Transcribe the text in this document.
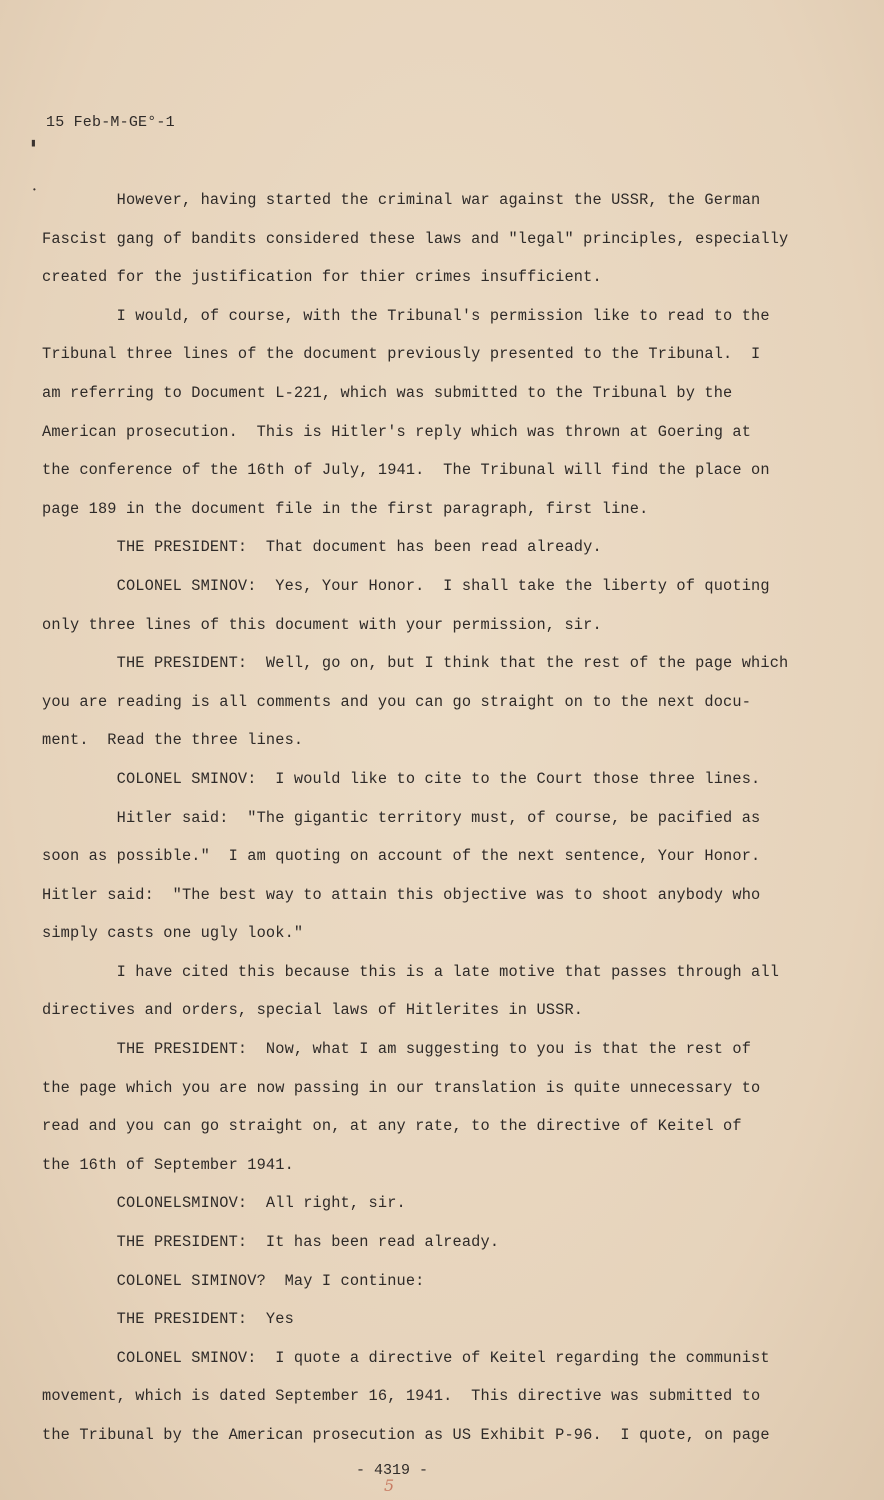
15 Feb-M-GE°-1
▮
•
However, having started the criminal war against the USSR, the German
Fascist gang of bandits considered these laws and "legal" principles, especially
created for the justification for thier crimes insufficient.
I would, of course, with the Tribunal's permission like to read to the
Tribunal three lines of the document previously presented to the Tribunal.  I
am referring to Document L-221, which was submitted to the Tribunal by the
American prosecution.  This is Hitler's reply which was thrown at Goering at
the conference of the 16th of July, 1941.  The Tribunal will find the place on
page 189 in the document file in the first paragraph, first line.
THE PRESIDENT:  That document has been read already.
COLONEL SMINOV:  Yes, Your Honor.  I shall take the liberty of quoting
only three lines of this document with your permission, sir.
THE PRESIDENT:  Well, go on, but I think that the rest of the page which
you are reading is all comments and you can go straight on to the next docu-
ment.  Read the three lines.
COLONEL SMINOV:  I would like to cite to the Court those three lines.
Hitler said:  "The gigantic territory must, of course, be pacified as
soon as possible."  I am quoting on account of the next sentence, Your Honor.
Hitler said:  "The best way to attain this objective was to shoot anybody who
simply casts one ugly look."
I have cited this because this is a late motive that passes through all
directives and orders, special laws of Hitlerites in USSR.
THE PRESIDENT:  Now, what I am suggesting to you is that the rest of
the page which you are now passing in our translation is quite unnecessary to
read and you can go straight on, at any rate, to the directive of Keitel of
the 16th of September 1941.
COLONELSMINOV:  All right, sir.
THE PRESIDENT:  It has been read already.
COLONEL SIMINOV?  May I continue:
THE PRESIDENT:  Yes
COLONEL SMINOV:  I quote a directive of Keitel regarding the communist
movement, which is dated September 16, 1941.  This directive was submitted to
the Tribunal by the American prosecution as US Exhibit P-96.  I quote, on page
- 4319 -
5
